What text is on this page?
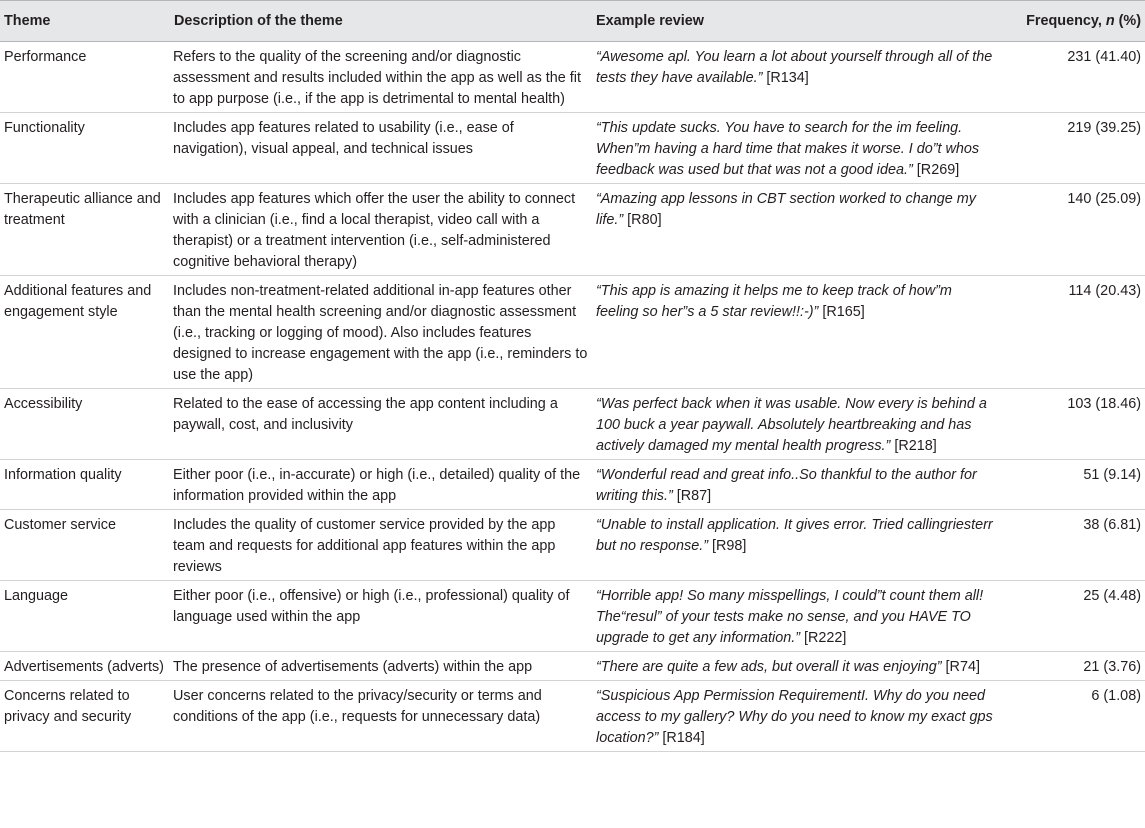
Theme	Description of the theme	Example review	Frequency, n (%)
Performance	Refers to the quality of the screening and/or diagnostic assessment and results included within the app as well as the fit to app purpose (i.e., if the app is detrimental to mental health)	“Awesome apl. You learn a lot about yourself through all of the tests they have available.” [R134]	231 (41.40)
Functionality	Includes app features related to usability (i.e., ease of navigation), visual appeal, and technical issues	“This update sucks. You have to search for the im feeling. When”m having a hard time that makes it worse. I do”t whos feedback was used but that was not a good idea.” [R269]	219 (39.25)
Therapeutic alliance and treatment	Includes app features which offer the user the ability to connect with a clinician (i.e., find a local therapist, video call with a therapist) or a treatment intervention (i.e., self-administered cognitive behavioral therapy)	“Amazing app lessons in CBT section worked to change my life.” [R80]	140 (25.09)
Additional features and engagement style	Includes non-treatment-related additional in-app features other than the mental health screening and/or diagnostic assessment (i.e., tracking or logging of mood). Also includes features designed to increase engagement with the app (i.e., reminders to use the app)	“This app is amazing it helps me to keep track of how”m feeling so her”s a 5 star review!!:-)” [R165]	114 (20.43)
Accessibility	Related to the ease of accessing the app content including a paywall, cost, and inclusivity	“Was perfect back when it was usable. Now every is behind a 100 buck a year paywall. Absolutely heartbreaking and has actively damaged my mental health progress.” [R218]	103 (18.46)
Information quality	Either poor (i.e., in-accurate) or high (i.e., detailed) quality of the information provided within the app	“Wonderful read and great info..So thankful to the author for writing this.” [R87]	51 (9.14)
Customer service	Includes the quality of customer service provided by the app team and requests for additional app features within the app reviews	“Unable to install application. It gives error. Tried callingriesterr but no response.” [R98]	38 (6.81)
Language	Either poor (i.e., offensive) or high (i.e., professional) quality of language used within the app	“Horrible app! So many misspellings, I could”t count them all! The“resul” of your tests make no sense, and you HAVE TO upgrade to get any information.” [R222]	25 (4.48)
Advertisements (adverts)	The presence of advertisements (adverts) within the app	“There are quite a few ads, but overall it was enjoying” [R74]	21 (3.76)
Concerns related to privacy and security	User concerns related to the privacy/security or terms and conditions of the app (i.e., requests for unnecessary data)	“Suspicious App Permission RequirementI. Why do you need access to my gallery? Why do you need to know my exact gps location?” [R184]	6 (1.08)
